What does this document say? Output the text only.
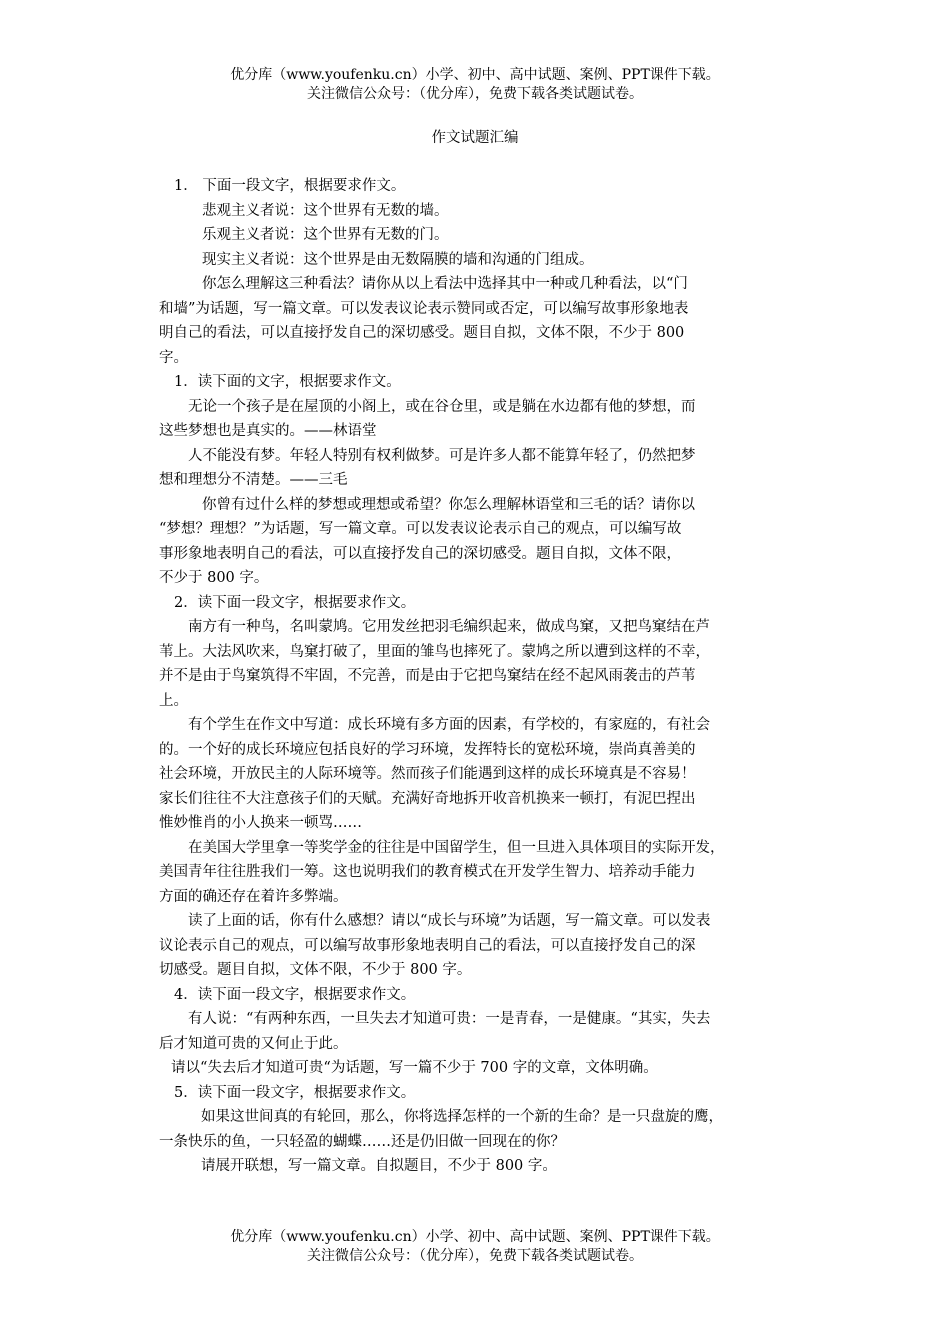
优分库（www.youfenku.cn）小学、初中、高中试题、案例、PPT课件下载。
关注微信公众号：（优分库），免费下载各类试题试卷。
作文试题汇编
1． 下面一段文字，根据要求作文。
悲观主义者说：这个世界有无数的墙。
乐观主义者说：这个世界有无数的门。
现实主义者说：这个世界是由无数隔膜的墙和沟通的门组成。
你怎么理解这三种看法？请你从以上看法中选择其中一种或几种看法，以“门
和墙”为话题，写一篇文章。可以发表议论表示赞同或否定，可以编写故事形象地表
明自己的看法，可以直接抒发自己的深切感受。题目自拟，文体不限，不少于 800
字。
1．读下面的文字，根据要求作文。
无论一个孩子是在屋顶的小阁上，或在谷仓里，或是躺在水边都有他的梦想，而
这些梦想也是真实的。——林语堂
人不能没有梦。年轻人特别有权利做梦。可是许多人都不能算年轻了，仍然把梦
想和理想分不清楚。——三毛
你曾有过什么样的梦想或理想或希望？你怎么理解林语堂和三毛的话？请你以
“梦想？理想？”为话题，写一篇文章。可以发表议论表示自己的观点，可以编写故
事形象地表明自己的看法，可以直接抒发自己的深切感受。题目自拟，文体不限，
不少于 800 字。
2．读下面一段文字，根据要求作文。
南方有一种鸟，名叫蒙鸠。它用发丝把羽毛编织起来，做成鸟窠，又把鸟窠结在芦
苇上。大法风吹来，鸟窠打破了，里面的雏鸟也摔死了。蒙鸠之所以遭到这样的不幸，
并不是由于鸟窠筑得不牢固，不完善，而是由于它把鸟窠结在经不起风雨袭击的芦苇
上。
有个学生在作文中写道：成长环境有多方面的因素，有学校的，有家庭的，有社会
的。一个好的成长环境应包括良好的学习环境，发挥特长的宽松环境，崇尚真善美的
社会环境，开放民主的人际环境等。然而孩子们能遇到这样的成长环境真是不容易！
家长们往往不大注意孩子们的天赋。充满好奇地拆开收音机换来一顿打，有泥巴捏出
惟妙惟肖的小人换来一顿骂……
在美国大学里拿一等奖学金的往往是中国留学生，但一旦进入具体项目的实际开发，
美国青年往往胜我们一筹。这也说明我们的教育模式在开发学生智力、培养动手能力
方面的确还存在着许多弊端。
读了上面的话，你有什么感想？请以“成长与环境”为话题，写一篇文章。可以发表
议论表示自己的观点，可以编写故事形象地表明自己的看法，可以直接抒发自己的深
切感受。题目自拟，文体不限，不少于 800 字。
4．读下面一段文字，根据要求作文。
有人说：“有两种东西，一旦失去才知道可贵：一是青春，一是健康。“其实，失去
后才知道可贵的又何止于此。
请以“失去后才知道可贵“为话题，写一篇不少于 700 字的文章，文体明确。
5．读下面一段文字，根据要求作文。
如果这世间真的有轮回，那么，你将选择怎样的一个新的生命？是一只盘旋的鹰，
一条快乐的鱼，一只轻盈的蝴蝶……还是仍旧做一回现在的你？
请展开联想，写一篇文章。自拟题目，不少于 800 字。
优分库（www.youfenku.cn）小学、初中、高中试题、案例、PPT课件下载。
关注微信公众号：（优分库），免费下载各类试题试卷。
